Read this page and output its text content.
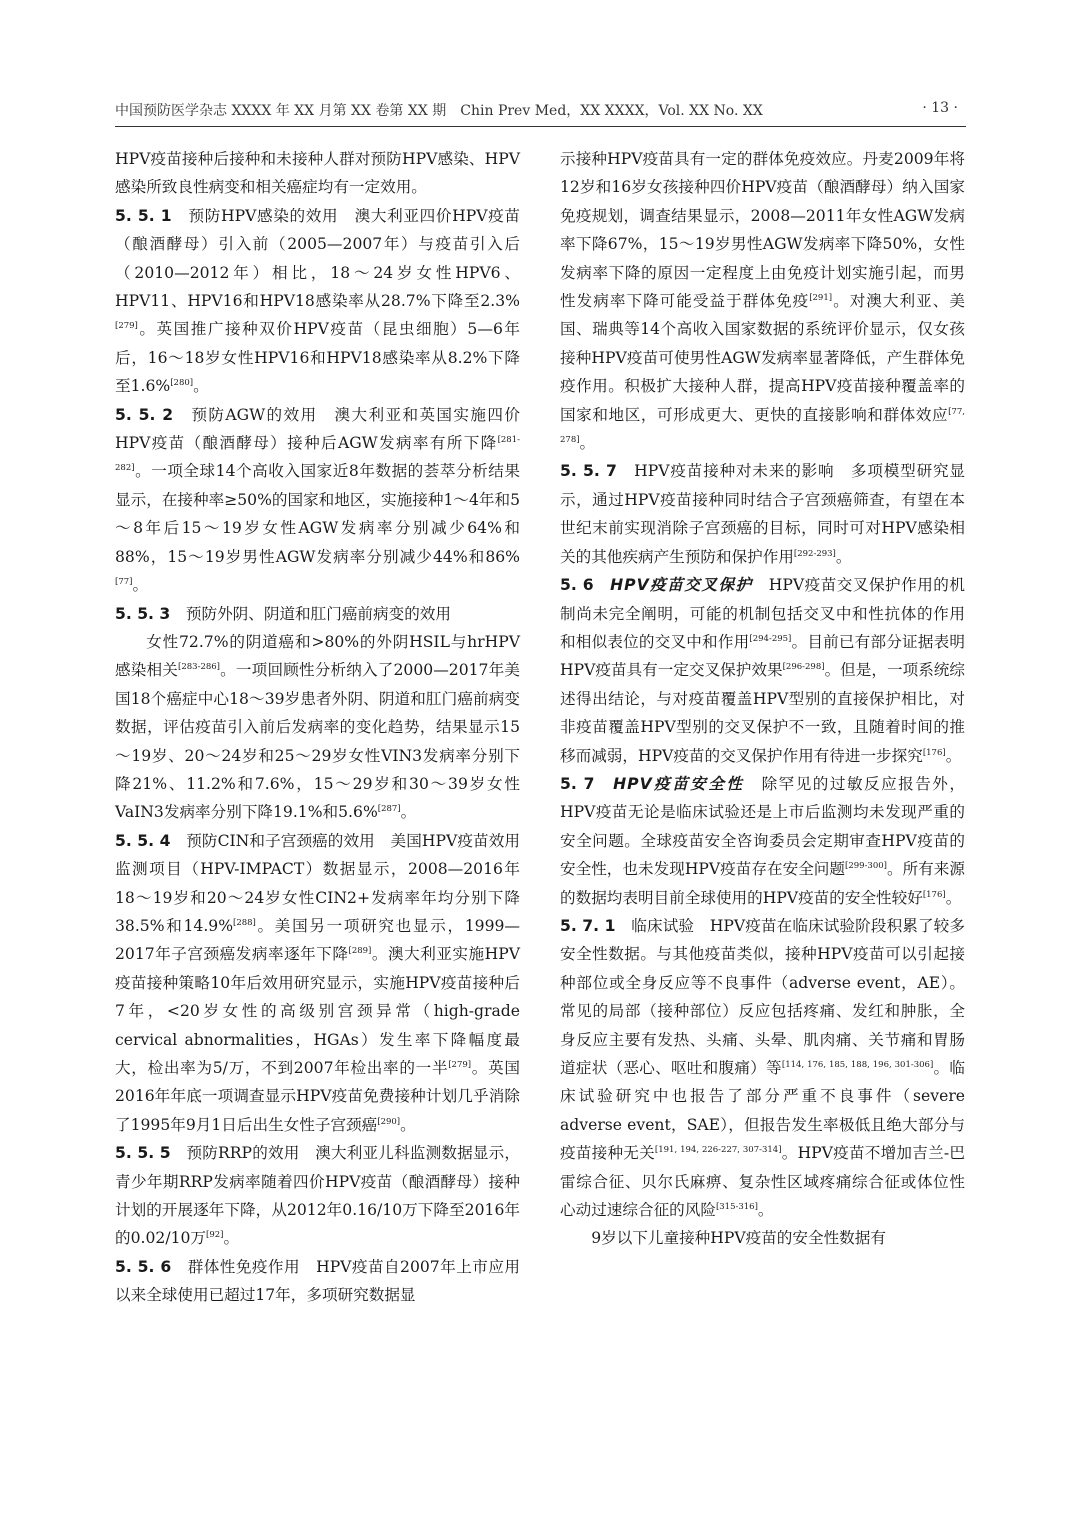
中国预防医学杂志 XXXX 年 XX 月第 XX 卷第 XX 期　Chin Prev Med，XX XXXX，Vol. XX No. XX	· 13 ·

HPV疫苗接种后接种和未接种人群对预防HPV感染、HPV感染所致良性病变和相关癌症均有一定效用。

5. 5. 1　 预防HPV感染的效用　 澳大利亚四价HPV疫苗（酿酒酵母）引入前（2005—2007年）与疫苗引入后（2010—2012年）相比，18～24岁女性HPV6、HPV11、HPV16和HPV18感染率从28.7%下降至2.3%[279]。英国推广接种双价HPV疫苗（昆虫细胞）5—6年后，16～18岁女性HPV16和HPV18感染率从8.2%下降至1.6%[280]。

5. 5. 2　 预防AGW的效用　 澳大利亚和英国实施四价HPV疫苗（酿酒酵母）接种后AGW发病率有所下降[281-282]。一项全球14个高收入国家近8年数据的荟萃分析结果显示，在接种率≥50%的国家和地区，实施接种1～4年和5～8年后15～19岁女性AGW发病率分别减少64%和88%，15～19岁男性AGW发病率分别减少44%和86%[77]。

5. 5. 3　 预防外阴、阴道和肛门癌前病变的效用

女性72.7%的阴道癌和>80%的外阴HSIL与hrHPV感染相关[283-286]。一项回顾性分析纳入了2000—2017年美国18个癌症中心18～39岁患者外阴、阴道和肛门癌前病变数据，评估疫苗引入前后发病率的变化趋势，结果显示15～19岁、20～24岁和25～29岁女性VIN3发病率分别下降21%、11.2%和7.6%，15～29岁和30～39岁女性VaIN3发病率分别下降19.1%和5.6%[287]。

5. 5. 4　 预防CIN和子宫颈癌的效用　 美国HPV疫苗效用监测项目（HPV-IMPACT）数据显示，2008—2016年18～19岁和20～24岁女性CIN2+发病率年均分别下降38.5%和14.9%[288]。美国另一项研究也显示，1999—2017年子宫颈癌发病率逐年下降[289]。澳大利亚实施HPV疫苗接种策略10年后效用研究显示，实施HPV疫苗接种后7年，<20岁女性的高级别宫颈异常（high-grade cervical abnormalities，HGAs）发生率下降幅度最大，检出率为5/万，不到2007年检出率的一半[279]。英国2016年年底一项调查显示HPV疫苗免费接种计划几乎消除了1995年9月1日后出生女性子宫颈癌[290]。

5. 5. 5　 预防RRP的效用　 澳大利亚儿科监测数据显示，青少年期RRP发病率随着四价HPV疫苗（酿酒酵母）接种计划的开展逐年下降，从2012年0.16/10万下降至2016年的0.02/10万[92]。

5. 5. 6　 群体性免疫作用　 HPV疫苗自2007年上市应用以来全球使用已超过17年，多项研究数据显

示接种HPV疫苗具有一定的群体免疫效应。丹麦2009年将12岁和16岁女孩接种四价HPV疫苗（酿酒酵母）纳入国家免疫规划，调查结果显示，2008—2011年女性AGW发病率下降67%，15～19岁男性AGW发病率下降50%，女性发病率下降的原因一定程度上由免疫计划实施引起，而男性发病率下降可能受益于群体免疫[291]。对澳大利亚、美国、瑞典等14个高收入国家数据的系统评价显示，仅女孩接种HPV疫苗可使男性AGW发病率显著降低，产生群体免疫作用。积极扩大接种人群，提高HPV疫苗接种覆盖率的国家和地区，可形成更大、更快的直接影响和群体效应[77, 278]。

5. 5. 7　 HPV疫苗接种对未来的影响　 多项模型研究显示，通过HPV疫苗接种同时结合子宫颈癌筛查，有望在本世纪末前实现消除子宫颈癌的目标，同时可对HPV感染相关的其他疾病产生预防和保护作用[292-293]。

5. 6　 HPV疫苗交叉保护　 HPV疫苗交叉保护作用的机制尚未完全阐明，可能的机制包括交叉中和性抗体的作用和相似表位的交叉中和作用[294-295]。目前已有部分证据表明HPV疫苗具有一定交叉保护效果[296-298]。但是，一项系统综述得出结论，与对疫苗覆盖HPV型别的直接保护相比，对非疫苗覆盖HPV型别的交叉保护不一致，且随着时间的推移而减弱，HPV疫苗的交叉保护作用有待进一步探究[176]。

5. 7　 HPV疫苗安全性　 除罕见的过敏反应报告外，HPV疫苗无论是临床试验还是上市后监测均未发现严重的安全问题。全球疫苗安全咨询委员会定期审查HPV疫苗的安全性，也未发现HPV疫苗存在安全问题[299-300]。所有来源的数据均表明目前全球使用的HPV疫苗的安全性较好[176]。

5. 7. 1　 临床试验　 HPV疫苗在临床试验阶段积累了较多安全性数据。与其他疫苗类似，接种HPV疫苗可以引起接种部位或全身反应等不良事件（adverse event，AE）。常见的局部（接种部位）反应包括疼痛、发红和肿胀，全身反应主要有发热、头痛、头晕、肌肉痛、关节痛和胃肠道症状（恶心、呕吐和腹痛）等[114, 176, 185, 188, 196, 301-306]。临床试验研究中也报告了部分严重不良事件（severe adverse event，SAE），但报告发生率极低且绝大部分与疫苗接种无关[191, 194, 226-227, 307-314]。HPV疫苗不增加吉兰-巴雷综合征、贝尔氏麻痹、复杂性区域疼痛综合征或体位性心动过速综合征的风险[315-316]。

9岁以下儿童接种HPV疫苗的安全性数据有
